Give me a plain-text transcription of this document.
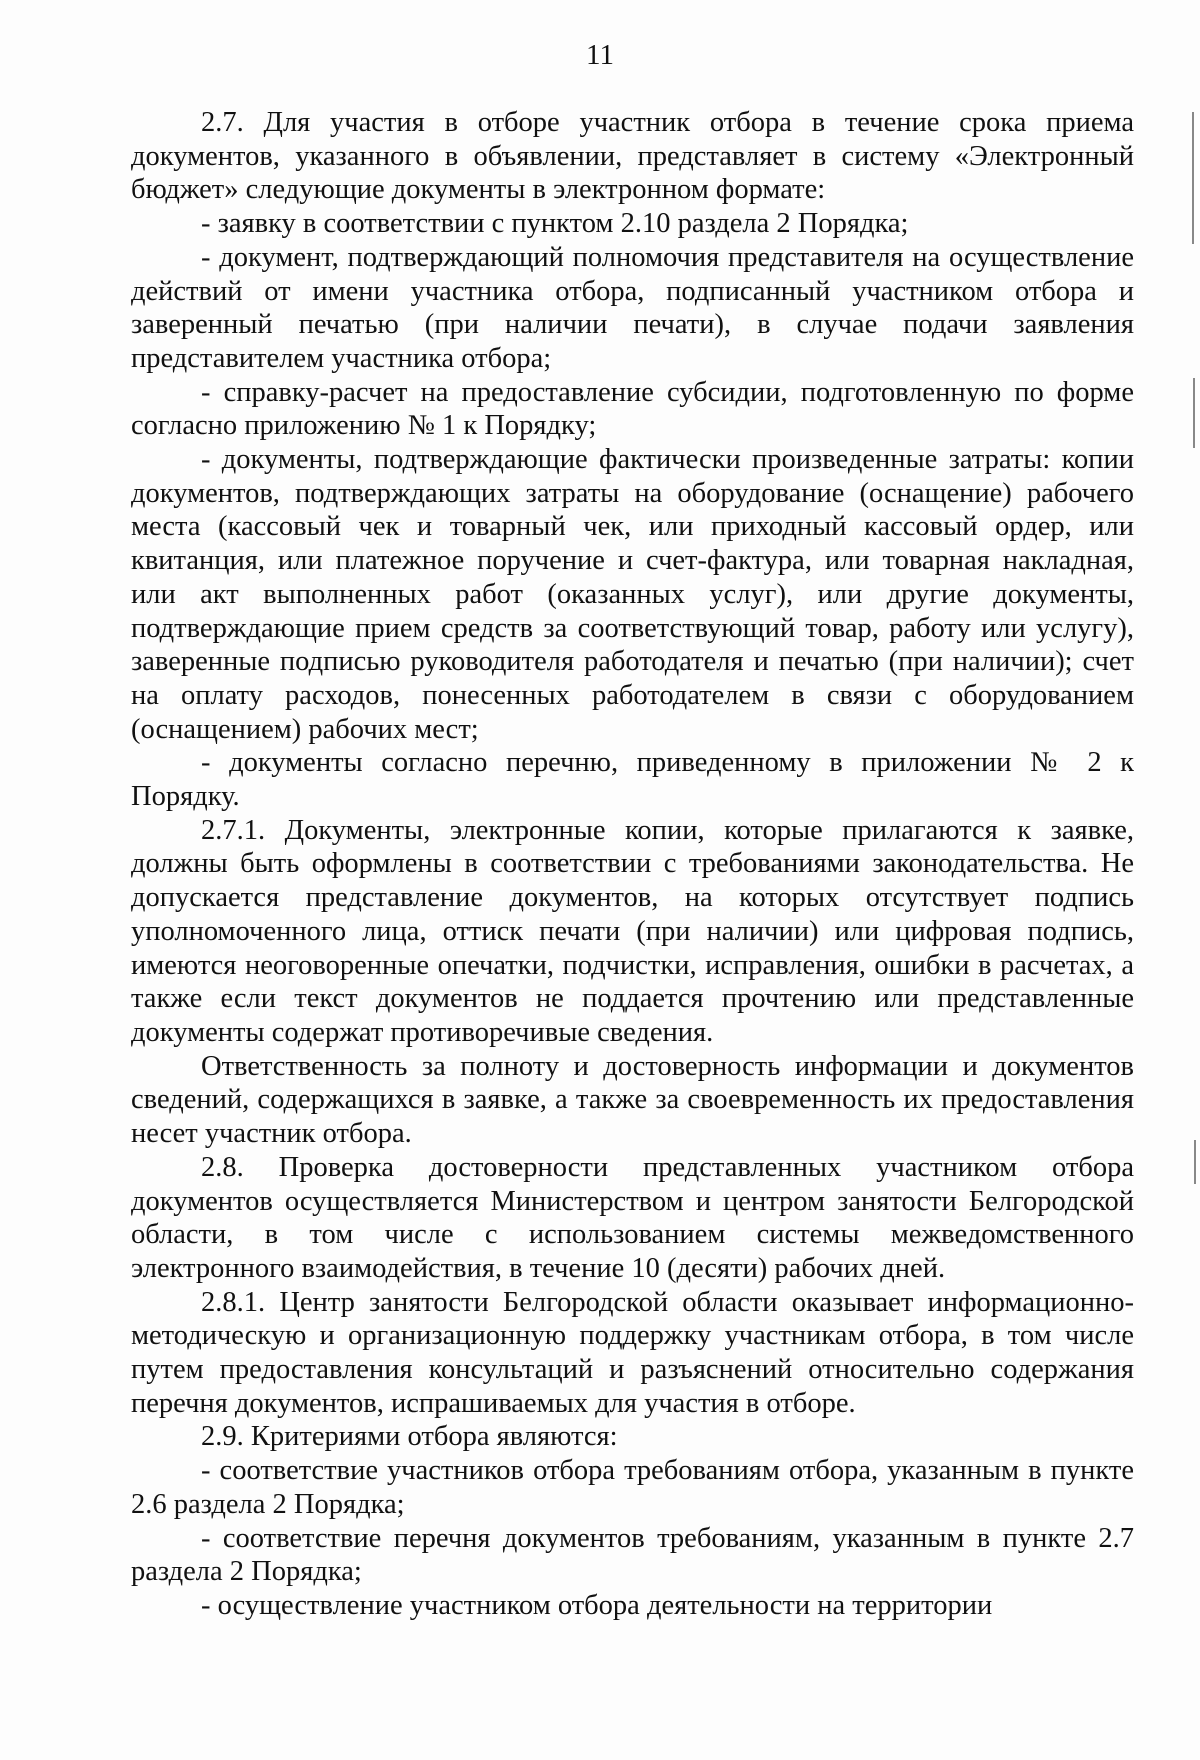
11

2.7. Для участия в отборе участник отбора в течение срока приема документов, указанного в объявлении, представляет в систему «Электронный бюджет» следующие документы в электронном формате:

- заявку в соответствии с пунктом 2.10 раздела 2 Порядка;

- документ, подтверждающий полномочия представителя на осуществление действий от имени участника отбора, подписанный участником отбора и заверенный печатью (при наличии печати), в случае подачи заявления представителем участника отбора;

- справку-расчет на предоставление субсидии, подготовленную по форме согласно приложению № 1 к Порядку;

- документы, подтверждающие фактически произведенные затраты: копии документов, подтверждающих затраты на оборудование (оснащение) рабочего места (кассовый чек и товарный чек, или приходный кассовый ордер, или квитанция, или платежное поручение и счет-фактура, или товарная накладная, или акт выполненных работ (оказанных услуг), или другие документы, подтверждающие прием средств за соответствующий товар, работу или услугу), заверенные подписью руководителя работодателя и печатью (при наличии); счет на оплату расходов, понесенных работодателем в связи с оборудованием (оснащением) рабочих мест;

- документы согласно перечню, приведенному в приложении № 2 к Порядку.

2.7.1. Документы, электронные копии, которые прилагаются к заявке, должны быть оформлены в соответствии с требованиями законодательства. Не допускается представление документов, на которых отсутствует подпись уполномоченного лица, оттиск печати (при наличии) или цифровая подпись, имеются неоговоренные опечатки, подчистки, исправления, ошибки в расчетах, а также если текст документов не поддается прочтению или представленные документы содержат противоречивые сведения.

Ответственность за полноту и достоверность информации и документов сведений, содержащихся в заявке, а также за своевременность их предоставления несет участник отбора.

2.8. Проверка достоверности представленных участником отбора документов осуществляется Министерством и центром занятости Белгородской области, в том числе с использованием системы межведомственного электронного взаимодействия, в течение 10 (десяти) рабочих дней.

2.8.1. Центр занятости Белгородской области оказывает информационно-методическую и организационную поддержку участникам отбора, в том числе путем предоставления консультаций и разъяснений относительно содержания перечня документов, испрашиваемых для участия в отборе.

2.9. Критериями отбора являются:

- соответствие участников отбора требованиям отбора, указанным в пункте 2.6 раздела 2 Порядка;

- соответствие перечня документов требованиям, указанным в пункте 2.7 раздела 2 Порядка;

- осуществление участником отбора деятельности на территории
